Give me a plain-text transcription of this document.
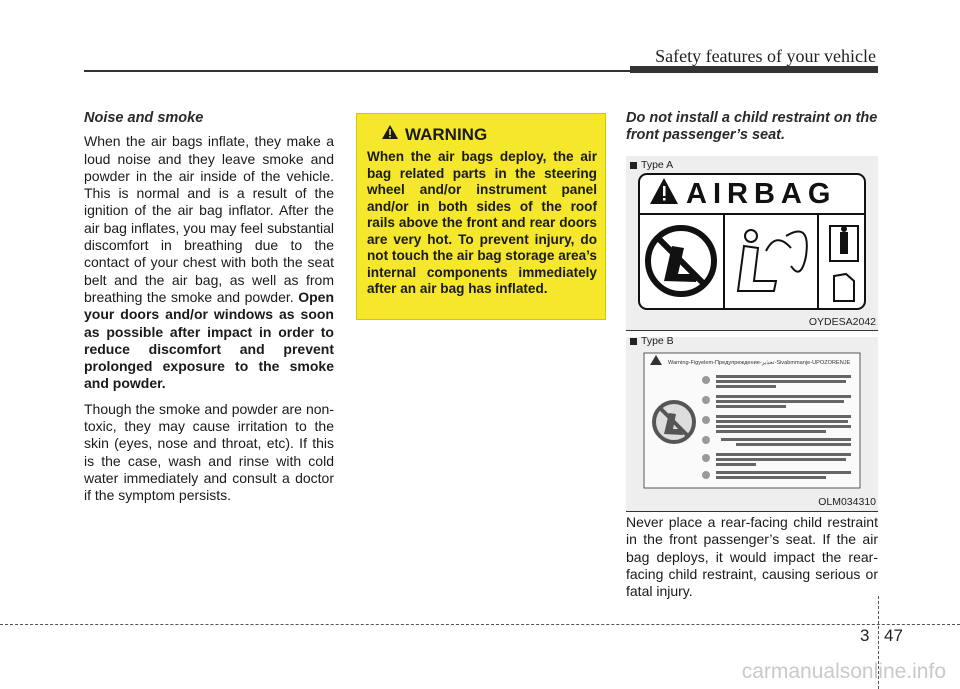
Safety features of your vehicle
Noise and smoke

When the air bags inflate, they make a loud noise and they leave smoke and powder in the air inside of the vehicle. This is normal and is a result of the ignition of the air bag inflator. After the air bag inflates, you may feel substantial discomfort in breathing due to the contact of your chest with both the seat belt and the air bag, as well as from breathing the smoke and powder. Open your doors and/or windows as soon as possible after impact in order to reduce discomfort and prevent prolonged exposure to the smoke and powder.

Though the smoke and powder are non-toxic, they may cause irritation to the skin (eyes, nose and throat, etc). If this is the case, wash and rinse with cold water immediately and consult a doctor if the symptom persists.

WARNING
When the air bags deploy, the air bag related parts in the steering wheel and/or instrument panel and/or in both sides of the roof rails above the front and rear doors are very hot. To prevent injury, do not touch the air bag storage area’s internal components immediately after an air bag has inflated.

Do not install a child restraint on the front passenger’s seat.

Type A
AIRBAG
OYDESA2042
Type B
Warning-Figyelem-Предупреждение-تحذير-Sivabmmanje-UPOZORENJE
OLM034310
Never place a rear-facing child restraint in the front passenger’s seat. If the air bag deploys, it would impact the rear-facing child restraint, causing serious or fatal injury.
3 47
carmanualsonline.info
